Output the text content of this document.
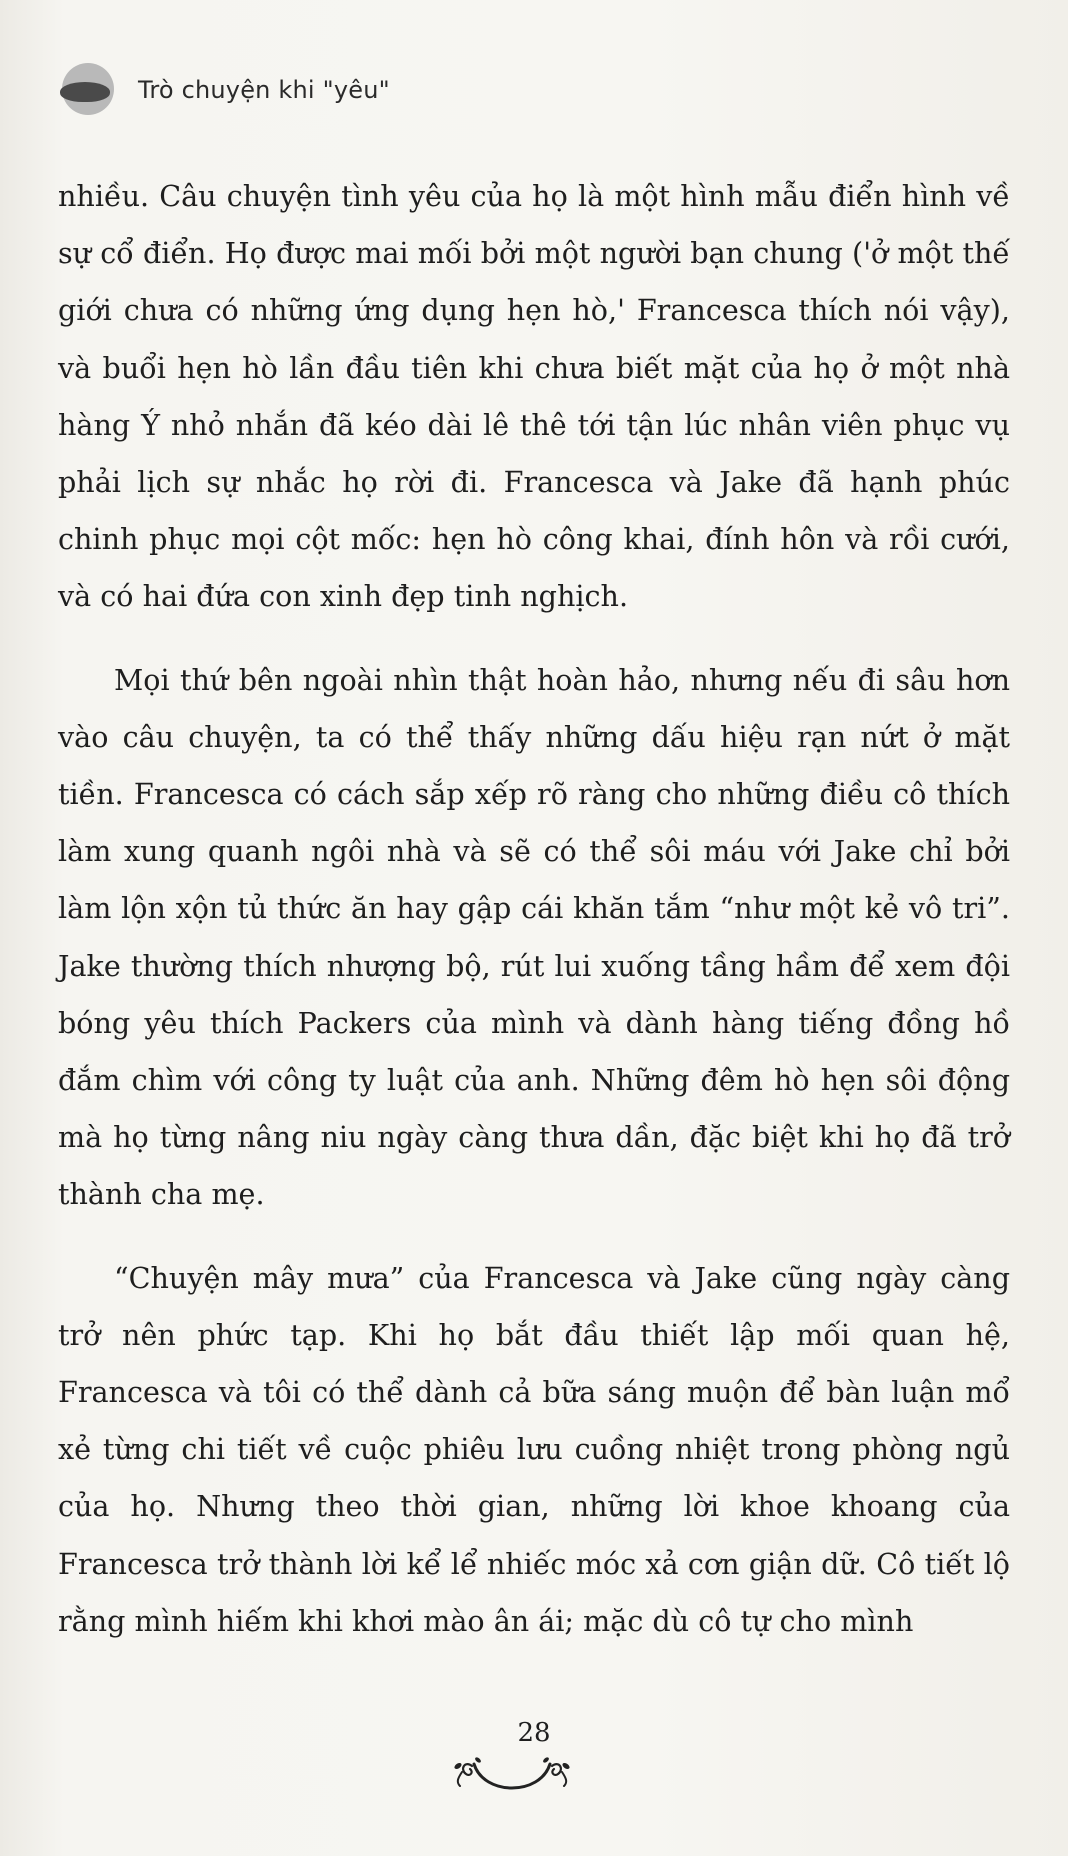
Trò chuyện khi "yêu"

nhiều. Câu chuyện tình yêu của họ là một hình mẫu điển hình về sự cổ điển. Họ được mai mối bởi một người bạn chung ('ở một thế giới chưa có những ứng dụng hẹn hò,' Francesca thích nói vậy), và buổi hẹn hò lần đầu tiên khi chưa biết mặt của họ ở một nhà hàng Ý nhỏ nhắn đã kéo dài lê thê tới tận lúc nhân viên phục vụ phải lịch sự nhắc họ rời đi. Francesca và Jake đã hạnh phúc chinh phục mọi cột mốc: hẹn hò công khai, đính hôn và rồi cưới, và có hai đứa con xinh đẹp tinh nghịch.

Mọi thứ bên ngoài nhìn thật hoàn hảo, nhưng nếu đi sâu hơn vào câu chuyện, ta có thể thấy những dấu hiệu rạn nứt ở mặt tiền. Francesca có cách sắp xếp rõ ràng cho những điều cô thích làm xung quanh ngôi nhà và sẽ có thể sôi máu với Jake chỉ bởi làm lộn xộn tủ thức ăn hay gập cái khăn tắm “như một kẻ vô tri”. Jake thường thích nhượng bộ, rút lui xuống tầng hầm để xem đội bóng yêu thích Packers của mình và dành hàng tiếng đồng hồ đắm chìm với công ty luật của anh. Những đêm hò hẹn sôi động mà họ từng nâng niu ngày càng thưa dần, đặc biệt khi họ đã trở thành cha mẹ.

“Chuyện mây mưa” của Francesca và Jake cũng ngày càng trở nên phức tạp. Khi họ bắt đầu thiết lập mối quan hệ, Francesca và tôi có thể dành cả bữa sáng muộn để bàn luận mổ xẻ từng chi tiết về cuộc phiêu lưu cuồng nhiệt trong phòng ngủ của họ. Nhưng theo thời gian, những lời khoe khoang của Francesca trở thành lời kể lể nhiếc móc xả cơn giận dữ. Cô tiết lộ rằng mình hiếm khi khơi mào ân ái; mặc dù cô tự cho mình

28
